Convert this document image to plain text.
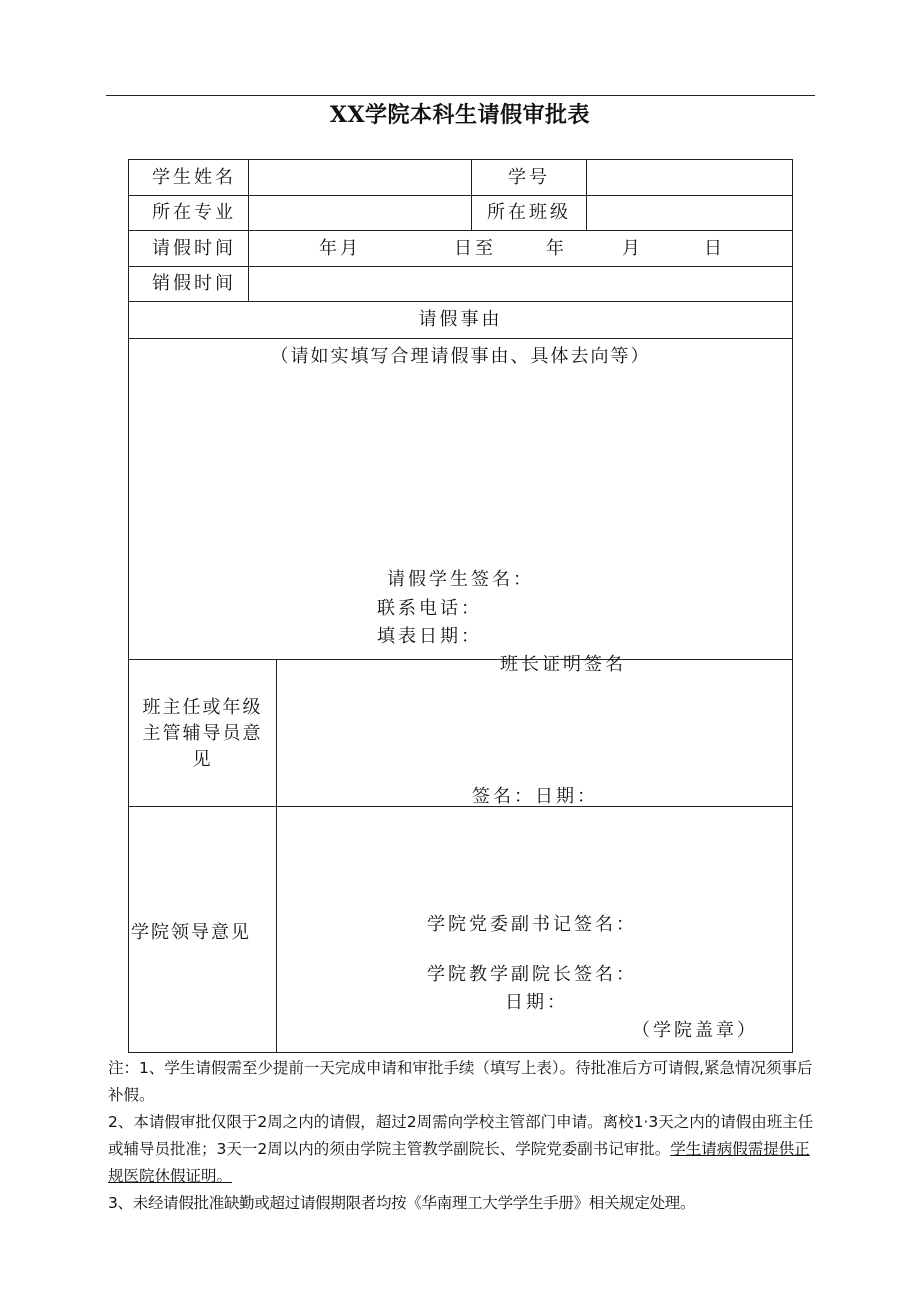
XX学院本科生请假审批表
学生姓名	学号
所在专业	所在班级
请假时间	年月	日至	年	月	日
销假时间
请假事由
（请如实填写合理请假事由、具体去向等）
请假学生签名：
联系电话：
填表日期：
班长证明签名
班主任或年级
主管辅导员意
见
签名：日期：
学院领导意见	学院党委副书记签名：
学院教学副院长签名：
日期：
（学院盖章）

注：1、学生请假需至少提前一天完成申请和审批手续（填写上表）。待批准后方可请假,紧急情况须事后补假。

2、本请假审批仅限于2周之内的请假，超过2周需向学校主管部门申请。离校1·3天之内的请假由班主任或辅导员批准；3天一2周以内的须由学院主管教学副院长、学院党委副书记审批。学生请病假需提供正规医院休假证明。

3、未经请假批准缺勤或超过请假期限者均按《华南理工大学学生手册》相关规定处理。
